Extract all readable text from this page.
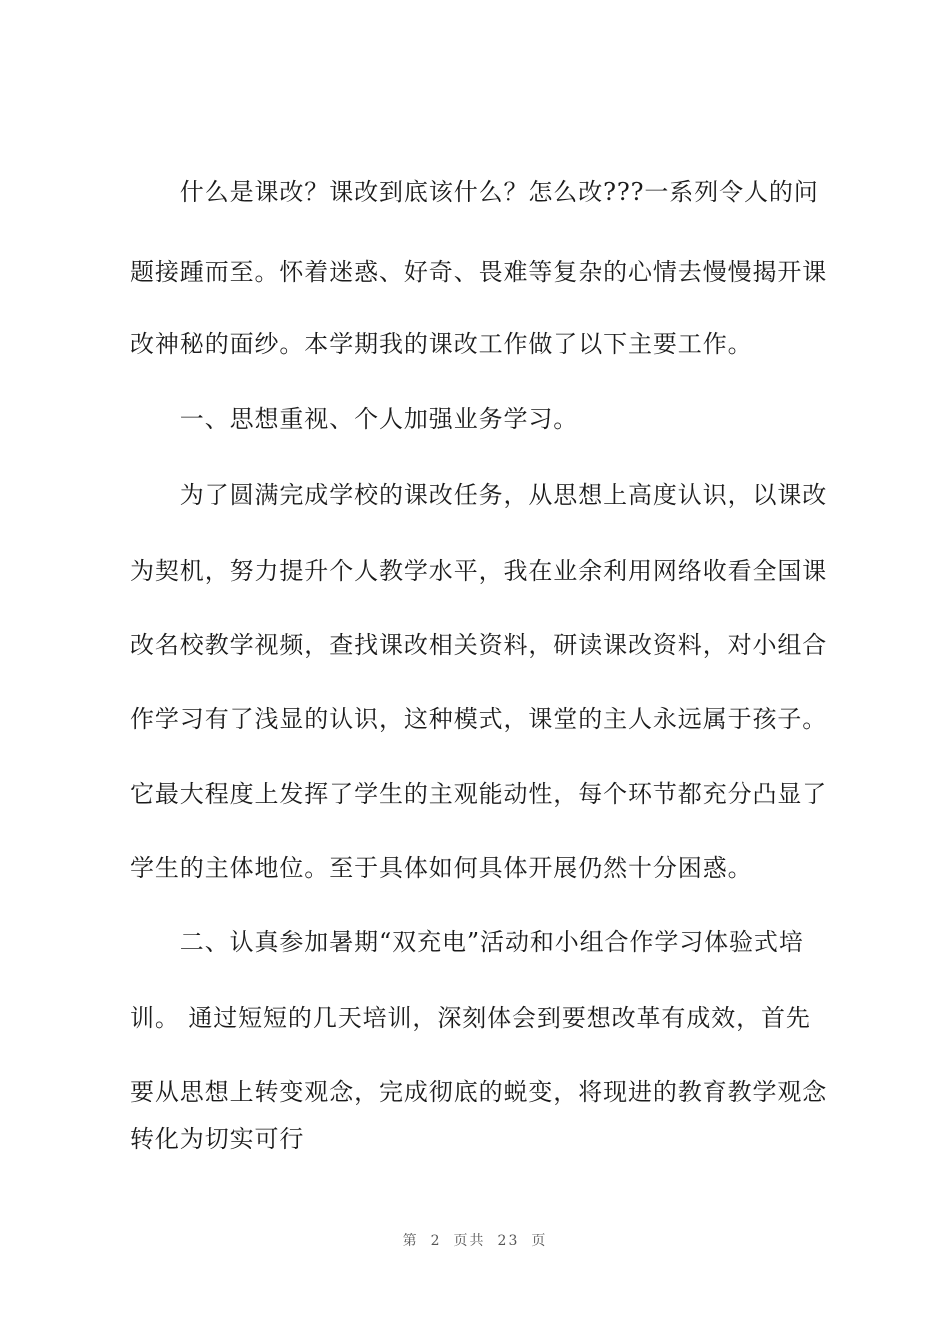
　　什么是课改？课改到底该什么？怎么改???一系列令人的问
题接踵而至。怀着迷惑、好奇、畏难等复杂的心情去慢慢揭开课
改神秘的面纱。本学期我的课改工作做了以下主要工作。
　　一、思想重视、个人加强业务学习。
　　为了圆满完成学校的课改任务，从思想上高度认识，以课改
为契机，努力提升个人教学水平，我在业余利用网络收看全国课
改名校教学视频，查找课改相关资料，研读课改资料，对小组合
作学习有了浅显的认识，这种模式，课堂的主人永远属于孩子。
它最大程度上发挥了学生的主观能动性，每个环节都充分凸显了
学生的主体地位。至于具体如何具体开展仍然十分困惑。
　　二、认真参加暑期“双充电”活动和小组合作学习体验式培
训。 通过短短的几天培训，深刻体会到要想改革有成效，首先
要从思想上转变观念，完成彻底的蜕变，将现进的教育教学观念
转化为切实可行
第 2 页共 23 页
